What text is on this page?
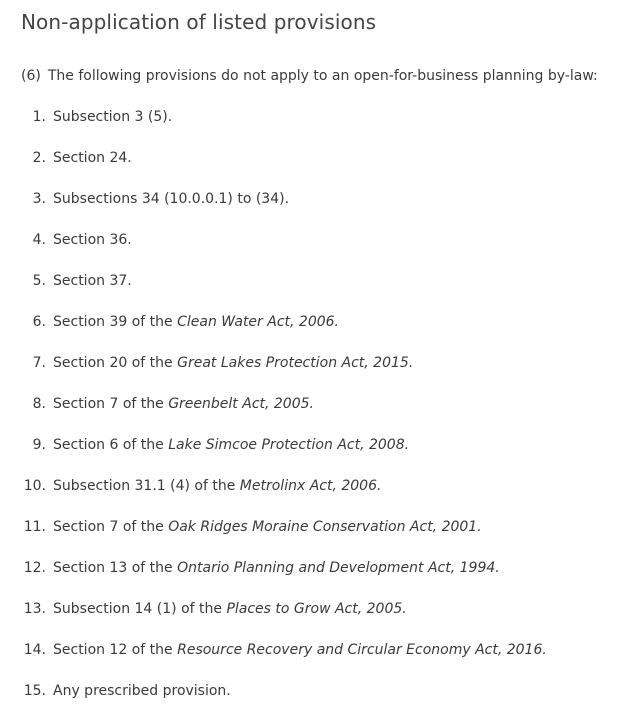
Non-application of listed provisions

(6) The following provisions do not apply to an open-for-business planning by-law:

1. Subsection 3 (5).
2. Section 24.
3. Subsections 34 (10.0.0.1) to (34).
4. Section 36.
5. Section 37.
6. Section 39 of the Clean Water Act, 2006.
7. Section 20 of the Great Lakes Protection Act, 2015.
8. Section 7 of the Greenbelt Act, 2005.
9. Section 6 of the Lake Simcoe Protection Act, 2008.
10. Subsection 31.1 (4) of the Metrolinx Act, 2006.
11. Section 7 of the Oak Ridges Moraine Conservation Act, 2001.
12. Section 13 of the Ontario Planning and Development Act, 1994.
13. Subsection 14 (1) of the Places to Grow Act, 2005.
14. Section 12 of the Resource Recovery and Circular Economy Act, 2016.
15. Any prescribed provision.
